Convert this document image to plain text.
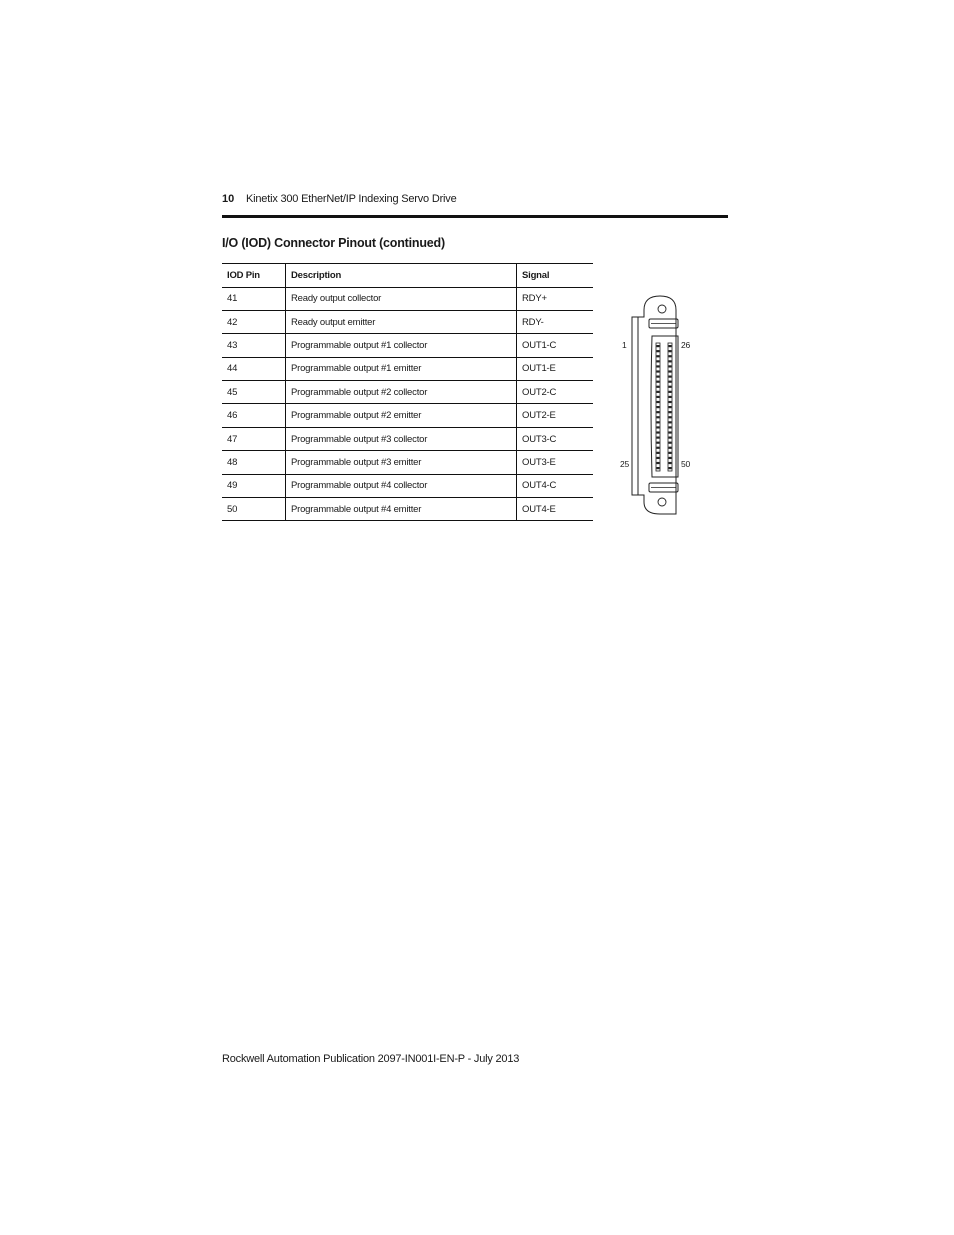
10 Kinetix 300 EtherNet/IP Indexing Servo Drive
I/O (IOD) Connector Pinout (continued)
IOD Pin	Description	Signal
41	Ready output collector	RDY+
42	Ready output emitter	RDY-
43	Programmable output #1 collector	OUT1-C
44	Programmable output #1 emitter	OUT1-E
45	Programmable output #2 collector	OUT2-C
46	Programmable output #2 emitter	OUT2-E
47	Programmable output #3 collector	OUT3-C
48	Programmable output #3 emitter	OUT3-E
49	Programmable output #4 collector	OUT4-C
50	Programmable output #4 emitter	OUT4-E
1	26
25	50
Rockwell Automation Publication 2097-IN001I-EN-P - July 2013
